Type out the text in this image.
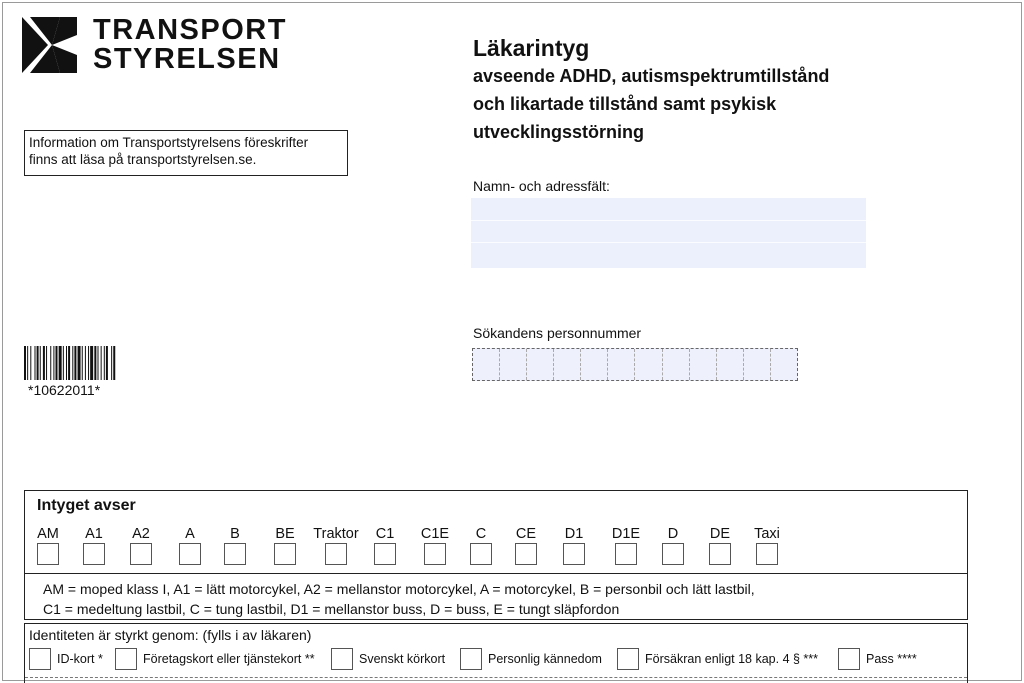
TRANSPORT
STYRELSEN	Läkarintyg
avseende ADHD, autismspektrumtillstånd
och likartade tillstånd samt psykisk
utvecklingsstörning
Information om Transportstyrelsens föreskrifter
finns att läsa på transportstyrelsen.se.
Namn- och adressfält:
Sökandens personnummer
*10622011*
Intyget avser
AM A1 A2 A B BE Traktor C1 C1E C CE D1 D1E D DE Taxi
AM = moped klass I, A1 = lätt motorcykel, A2 = mellanstor motorcykel, A = motorcykel, B = personbil och lätt lastbil,
C1 = medeltung lastbil, C = tung lastbil, D1 = mellanstor buss, D = buss, E = tungt släpfordon
Identiteten är styrkt genom: (fylls i av läkaren)
ID-kort *	Företagskort eller tjänstekort **	Svenskt körkort	Personlig kännedom	Försäkran enligt 18 kap. 4 § ***	Pass ****
